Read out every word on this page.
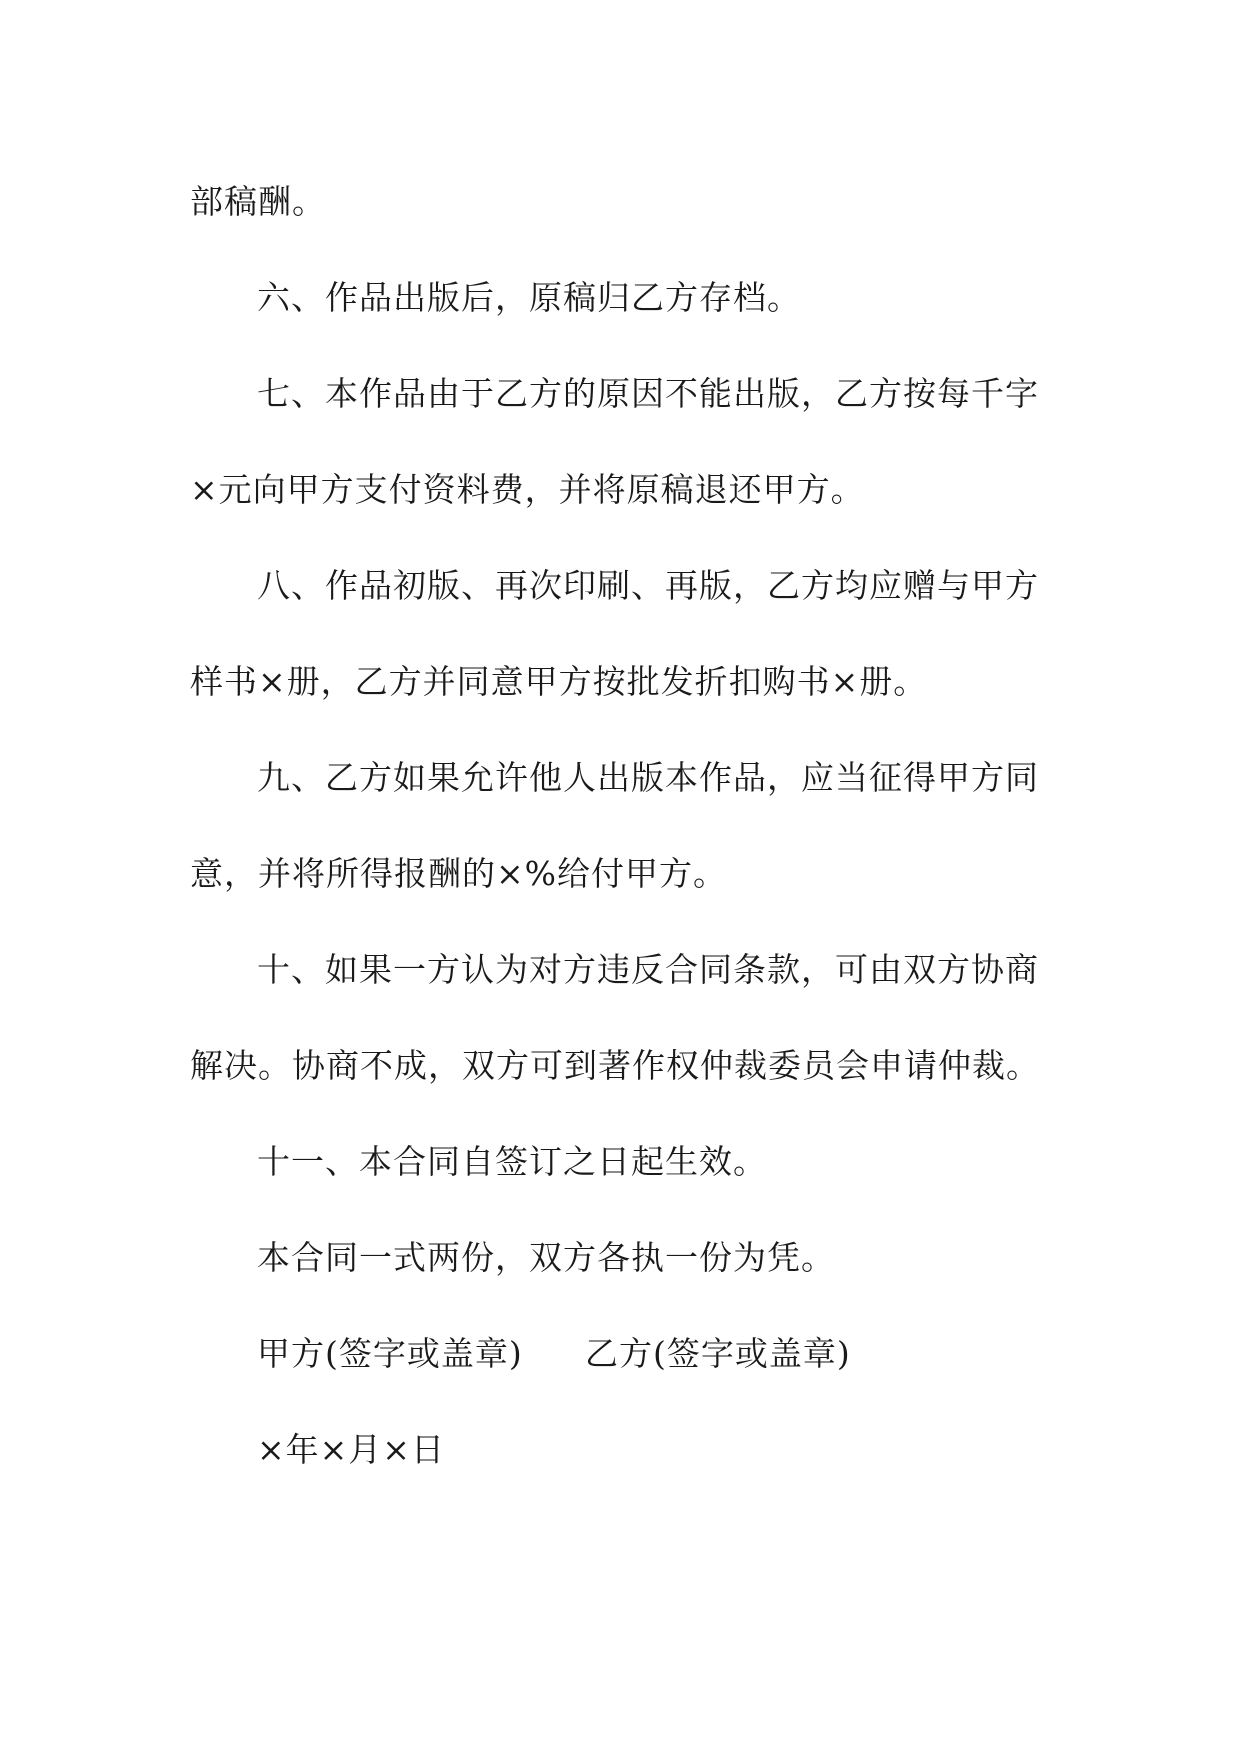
部稿酬。
六、作品出版后，原稿归乙方存档。
七、本作品由于乙方的原因不能出版，乙方按每千字
×元向甲方支付资料费，并将原稿退还甲方。
八、作品初版、再次印刷、再版，乙方均应赠与甲方
样书×册，乙方并同意甲方按批发折扣购书×册。
九、乙方如果允许他人出版本作品，应当征得甲方同
意，并将所得报酬的×%给付甲方。
十、如果一方认为对方违反合同条款，可由双方协商
解决。协商不成，双方可到著作权仲裁委员会申请仲裁。
十一、本合同自签订之日起生效。
本合同一式两份，双方各执一份为凭。
甲方(签字或盖章)	乙方(签字或盖章)
×年×月×日
